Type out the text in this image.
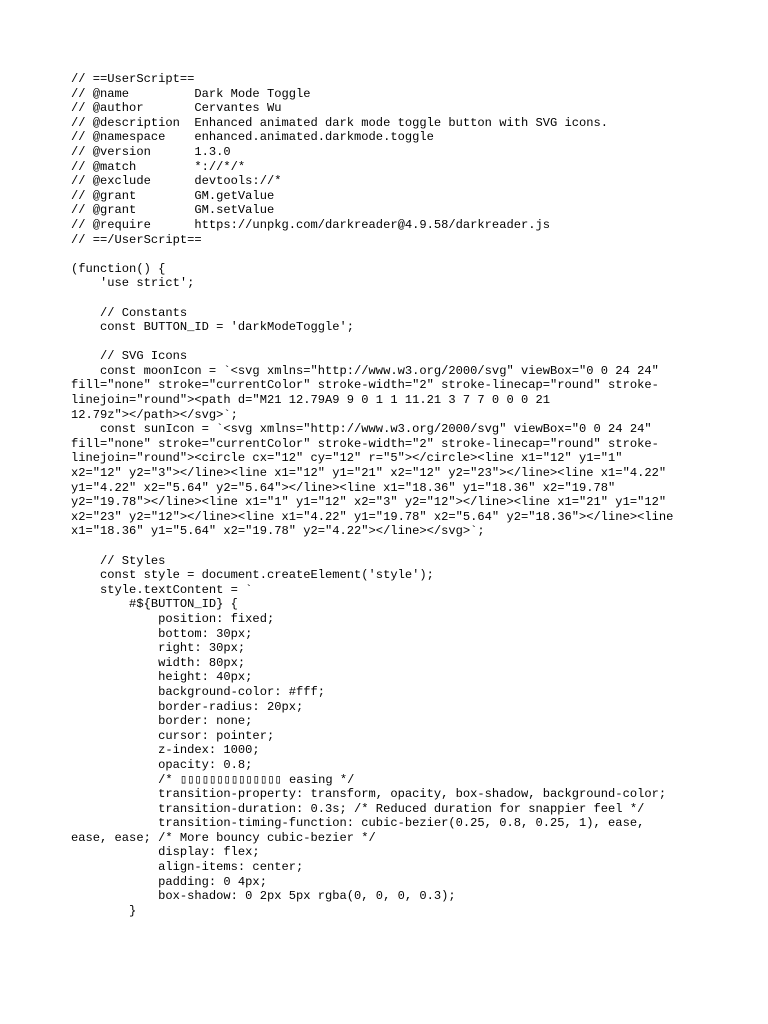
// ==UserScript==
// @name         Dark Mode Toggle
// @author       Cervantes Wu
// @description  Enhanced animated dark mode toggle button with SVG icons.
// @namespace    enhanced.animated.darkmode.toggle
// @version      1.3.0
// @match        *://*/*
// @exclude      devtools://*
// @grant        GM.getValue
// @grant        GM.setValue
// @require      https://unpkg.com/darkreader@4.9.58/darkreader.js
// ==/UserScript==
(function() {
'use strict';
// Constants
const BUTTON_ID = 'darkModeToggle';
// SVG Icons
const moonIcon = `<svg xmlns="http://www.w3.org/2000/svg" viewBox="0 0 24 24"
fill="none" stroke="currentColor" stroke-width="2" stroke-linecap="round" stroke-
linejoin="round"><path d="M21 12.79A9 9 0 1 1 11.21 3 7 7 0 0 0 21
12.79z"></path></svg>`;
const sunIcon = `<svg xmlns="http://www.w3.org/2000/svg" viewBox="0 0 24 24"
fill="none" stroke="currentColor" stroke-width="2" stroke-linecap="round" stroke-
linejoin="round"><circle cx="12" cy="12" r="5"></circle><line x1="12" y1="1"
x2="12" y2="3"></line><line x1="12" y1="21" x2="12" y2="23"></line><line x1="4.22"
y1="4.22" x2="5.64" y2="5.64"></line><line x1="18.36" y1="18.36" x2="19.78"
y2="19.78"></line><line x1="1" y1="12" x2="3" y2="12"></line><line x1="21" y1="12"
x2="23" y2="12"></line><line x1="4.22" y1="19.78" x2="5.64" y2="18.36"></line><line
x1="18.36" y1="5.64" x2="19.78" y2="4.22"></line></svg>`;
// Styles
const style = document.createElement('style');
style.textContent = `
#${BUTTON_ID} {
position: fixed;
bottom: 30px;
right: 30px;
width: 80px;
height: 40px;
background-color: #fff;
border-radius: 20px;
border: none;
cursor: pointer;
z-index: 1000;
opacity: 0.8;
/* ▯▯▯▯▯▯▯▯▯▯▯▯▯▯ easing */
transition-property: transform, opacity, box-shadow, background-color;
transition-duration: 0.3s; /* Reduced duration for snappier feel */
transition-timing-function: cubic-bezier(0.25, 0.8, 0.25, 1), ease,
ease, ease; /* More bouncy cubic-bezier */
display: flex;
align-items: center;
padding: 0 4px;
box-shadow: 0 2px 5px rgba(0, 0, 0, 0.3);
}
